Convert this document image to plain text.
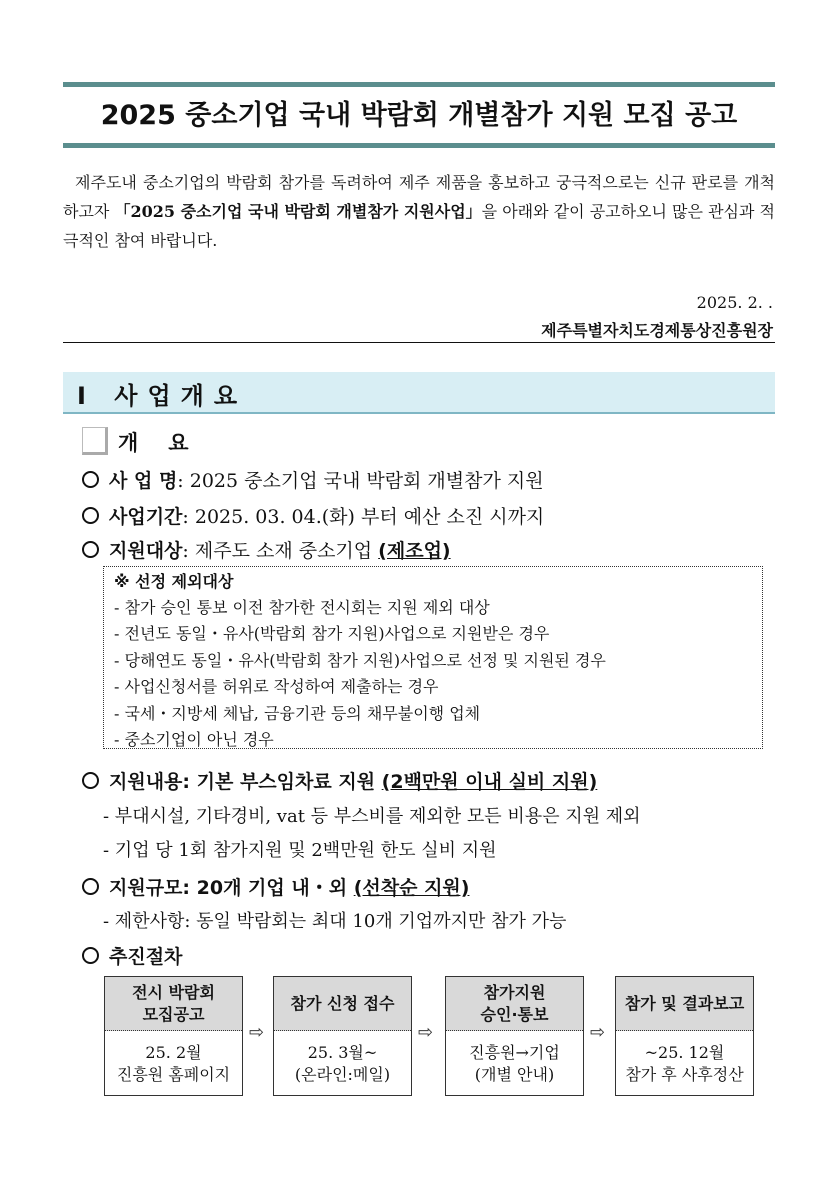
2025 중소기업 국내 박람회 개별참가 지원 모집 공고
제주도내 중소기업의 박람회 참가를 독려하여 제주 제품을 홍보하고 궁극적으로는 신규 판로를 개척하고자 「2025 중소기업 국내 박람회 개별참가 지원사업」을 아래와 같이 공고하오니 많은 관심과 적극적인 참여 바랍니다.
2025. 2. .
제주특별자치도경제통상진흥원장
Ⅰ 사업개요
개요
사 업 명: 2025 중소기업 국내 박람회 개별참가 지원
사업기간: 2025. 03. 04.(화) 부터 예산 소진 시까지
지원대상: 제주도 소재 중소기업 (제조업)
※ 선정 제외대상
- 참가 승인 통보 이전 참가한 전시회는 지원 제외 대상
- 전년도 동일・유사(박람회 참가 지원)사업으로 지원받은 경우
- 당해연도 동일・유사(박람회 참가 지원)사업으로 선정 및 지원된 경우
- 사업신청서를 허위로 작성하여 제출하는 경우
- 국세・지방세 체납, 금융기관 등의 채무불이행 업체
- 중소기업이 아닌 경우
지원내용: 기본 부스임차료 지원 (2백만원 이내 실비 지원)
- 부대시설, 기타경비, vat 등 부스비를 제외한 모든 비용은 지원 제외
- 기업 당 1회 참가지원 및 2백만원 한도 실비 지원
지원규모: 20개 기업 내・외 (선착순 지원)
- 제한사항: 동일 박람회는 최대 10개 기업까지만 참가 가능
추진절차
전시 박람회
모집공고
25. 2월
진흥원 홈페이지
⇨
참가 신청 접수
25. 3월~
(온라인:메일)
⇨
참가지원
승인·통보
진흥원→기업
(개별 안내)
⇨
참가 및 결과보고
~25. 12월
참가 후 사후정산
